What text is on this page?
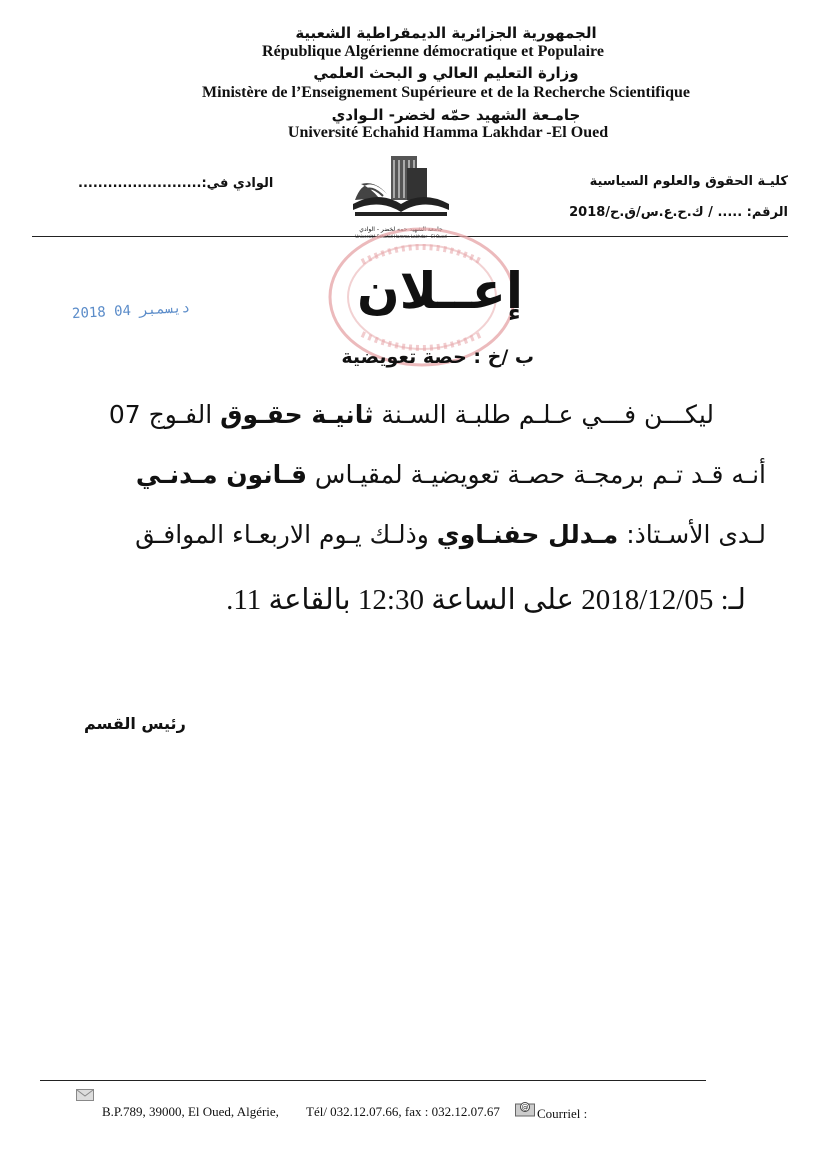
الجمهورية الجزائرية الديمقراطية الشعبية
République Algérienne démocratique et Populaire
وزارة التعليم العالي و البحث العلمي
Ministère de l’Enseignement Supérieure et de la Recherche Scientifique
جامـعة الشهيد حمّه لخضر- الـوادي
Université Echahid Hamma Lakhdar -El Oued
كليـة الحقوق والعلوم السياسية
الرقم: ..... / ك.ح.ع.س/ق.ح/2018
الوادي في:.........................
جامعة الشهيد حمه لخضر - الوادي
Université Echahid Hamma Lakhdar - El Oued
2018 دیسمبر 04	إعــلان
ب /خ : حصة تعويضية
ليكـــن فـــي عـلـم طلبـة السـنة ثانيـة حقـوق الفـوج 07
أنـه قـد تـم برمجـة حصـة تعويضيـة لمقيـاس قـانون مـدنـي
لـدى الأسـتاذ: مـدلل حفنـاوي وذلـك يـوم الاربعـاء الموافـق
لـ: 2018/12/05 على الساعة 12:30 بالقاعة 11.
رئيس القسم
B.P.789, 39000, El Oued, Algérie, Tél/ 032.12.07.66, fax : 032.12.07.67	@ Courriel :
